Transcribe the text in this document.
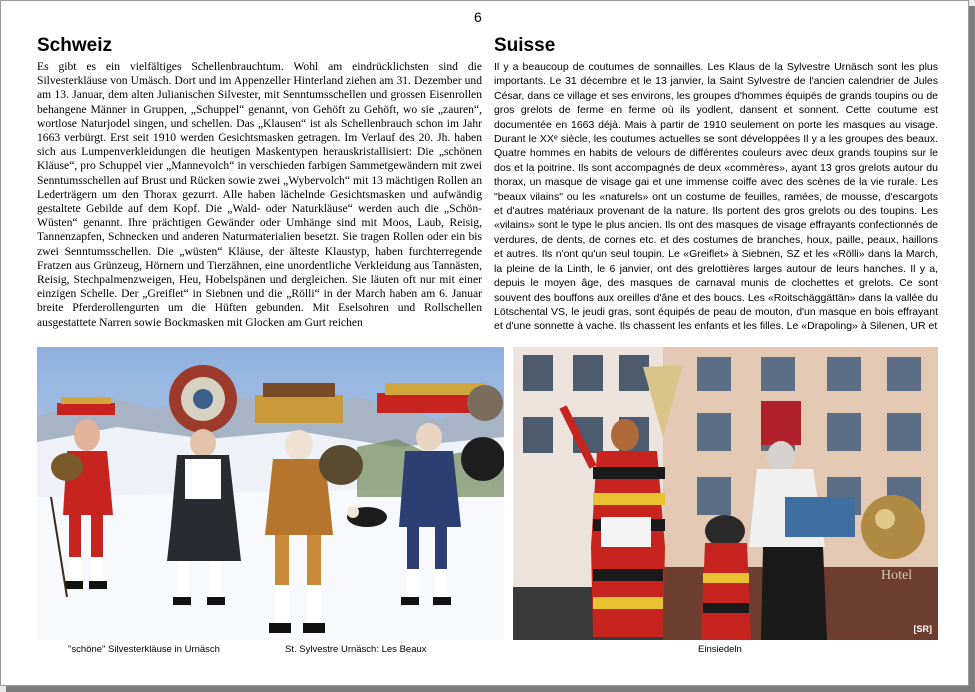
6
Schweiz

Es gibt es ein vielfältiges Schellenbrauchtum. Wohl am eindrücklichsten sind die Silvesterkläuse von Umäsch. Dort und im Appenzeller Hinterland ziehen am 31. Dezember und am 13. Januar, dem alten Julianischen Silvester, mit Senntumsschellen und grossen Eisenrollen behangene Männer in Gruppen, „Schuppel“ genannt, von Gehöft zu Gehöft, wo sie „zauren“, wortlose Naturjodel singen, und schellen. Das „Klausen“ ist als Schellenbrauch schon im Jahr 1663 verbürgt. Erst seit 1910 werden Gesichtsmasken getragen. Im Verlauf des 20. Jh. haben sich aus Lumpenverkleidungen die heutigen Maskentypen herauskristallisiert: Die „schönen Kläuse“, pro Schuppel vier „Mannevolch“ in verschieden farbigen Sammetgewändern mit zwei Senntumsschellen auf Brust und Rücken sowie zwei „Wybervolch“ mit 13 mächtigen Rollen an Lederträgern um den Thorax gezurrt. Alle haben lächelnde Gesichtsmasken und aufwändig gestaltete Gebilde auf dem Kopf. Die „Wald- oder Naturkläuse“ werden auch die „Schön-Wüsten“ genannt. Ihre prächtigen Gewänder oder Umhänge sind mit Moos, Laub, Reisig, Tannenzapfen, Schnecken und anderen Naturmaterialien besetzt. Sie tragen Rollen oder ein bis zwei Senntumsschellen. Die „wüsten“ Kläuse, der älteste Klaustyp, haben furchterregende Fratzen aus Grünzeug, Hörnern und Tierzähnen, eine unordentliche Verkleidung aus Tannästen, Reisig, Stechpalmenzweigen, Heu, Hobelspänen und dergleichen. Sie läuten oft nur mit einer einzigen Schelle. Der „Greiflet“ in Siebnen und die „Rölli“ in der March haben am 6. Januar breite Pferderollengurten um die Hüften gebunden. Mit Eselsohren und Rollschellen ausgestattete Narren sowie Bockmasken mit Glocken am Gurt reichen

Suisse

Il y a beaucoup de coutumes de sonnailles. Les Klaus de la Sylvestre Urnäsch sont les plus importants. Le 31 décembre et le 13 janvier, la Saint Sylvestre de l'ancien calendrier de Jules César, dans ce village et ses environs, les groupes d'hommes équipés de grands toupins ou de gros grelots de ferme en ferme où ils yodlent, dansent et sonnent. Cette coutume est documentée en 1663 déjà. Mais à partir de 1910 seulement on porte les masques au visage. Durant le XXᵉ siècle, les coutumes actuelles se sont développées Il y a les groupes des beaux. Quatre hommes en habits de velours de différentes couleurs avec deux grands toupins sur le dos et la poitrine. Ils sont accompagnés de deux «commères», ayant 13 gros grelots autour du thorax, un masque de visage gai et une immense coiffe avec des scènes de la vie rurale. Les "beaux vilains" ou les «naturels» ont un costume de feuilles, ramées, de mousse, d'escargots et d'autres matériaux provenant de la nature. Ils portent des gros grelots ou des toupins. Les «vilains» sont le type le plus ancien. Ils ont des masques de visage effrayants confectionnés de verdures, de dents, de cornes etc. et des costumes de branches, houx, paille, peaux, haillons et autres. Ils n'ont qu'un seul toupin. Le «Greiflet» à Siebnen, SZ et les «Rölli» dans la March, la pleine de la Linth, le 6 janvier, ont des grelottières larges autour de leurs hanches. Il y a, depuis le moyen âge, des masques de carnaval munis de clochettes et grelots. Ce sont souvent des bouffons aux oreilles d'âne et des boucs. Les «Roitschäggättän» dans la vallée du Lötschental VS, le jeudi gras, sont équipés de peau de mouton, d'un masque en bois effrayant et d'une sonnette à vache. Ils chassent les enfants et les filles. Le «Drapoling» à Silenen, UR et

Hotel
[SR]
"schöne" Silvesterkläuse in Urnäsch	St. Sylvestre Urnäsch: Les Beaux	Einsiedeln
